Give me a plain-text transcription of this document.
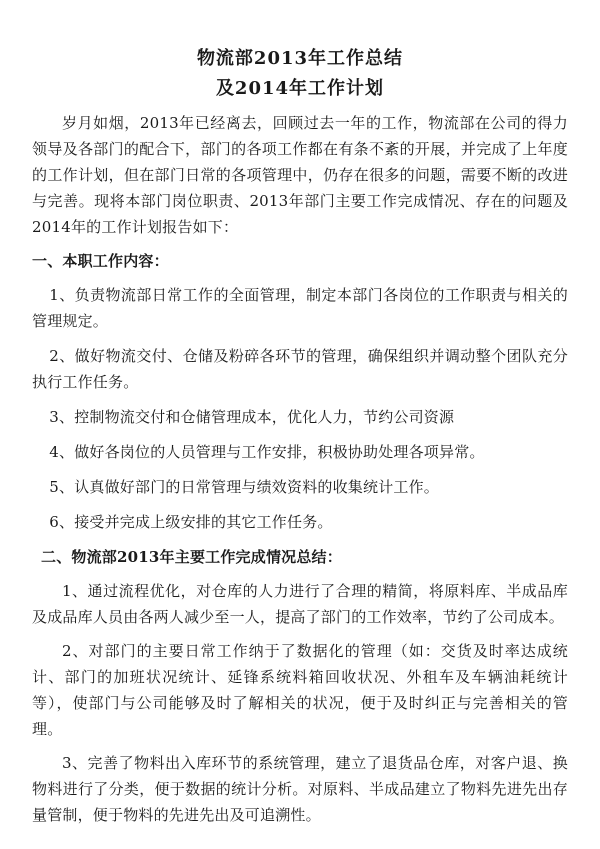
物流部2013年工作总结
及2014年工作计划

岁月如烟，2013年已经离去，回顾过去一年的工作，物流部在公司的得力领导及各部门的配合下，部门的各项工作都在有条不紊的开展，并完成了上年度的工作计划，但在部门日常的各项管理中，仍存在很多的问题，需要不断的改进与完善。现将本部门岗位职责、2013年部门主要工作完成情况、存在的问题及2014年的工作计划报告如下：

一、本职工作内容：

1、负责物流部日常工作的全面管理，制定本部门各岗位的工作职责与相关的管理规定。

2、做好物流交付、仓储及粉碎各环节的管理，确保组织并调动整个团队充分执行工作任务。

3、控制物流交付和仓储管理成本，优化人力，节约公司资源

4、做好各岗位的人员管理与工作安排，积极协助处理各项异常。

5、认真做好部门的日常管理与绩效资料的收集统计工作。

6、接受并完成上级安排的其它工作任务。

二、物流部2013年主要工作完成情况总结：

1、通过流程优化，对仓库的人力进行了合理的精简，将原料库、半成品库及成品库人员由各两人减少至一人，提高了部门的工作效率，节约了公司成本。

2、对部门的主要日常工作纳于了数据化的管理（如：交货及时率达成统计、部门的加班状况统计、延锋系统料箱回收状况、外租车及车辆油耗统计等），使部门与公司能够及时了解相关的状况，便于及时纠正与完善相关的管理。

3、完善了物料出入库环节的系统管理，建立了退货品仓库，对客户退、换物料进行了分类，便于数据的统计分析。对原料、半成品建立了物料先进先出存量管制，便于物料的先进先出及可追溯性。
